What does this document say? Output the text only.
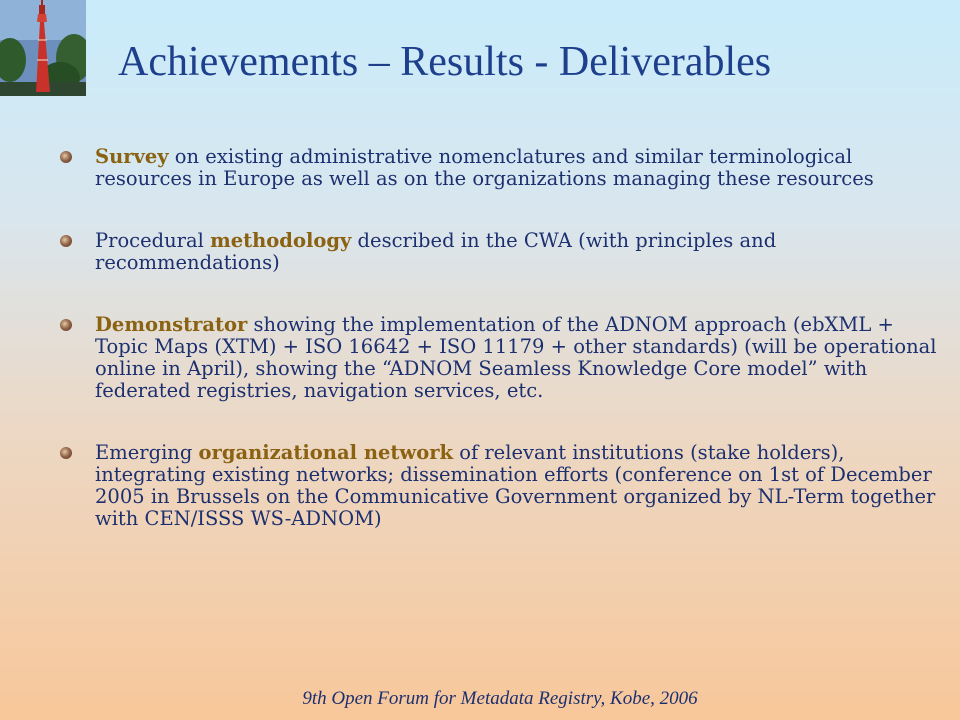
Achievements – Results - Deliverables
Survey on existing administrative nomenclatures and similar terminological resources in Europe as well as on the organizations managing these resources
Procedural methodology described in the CWA (with principles and recommendations)
Demonstrator showing the implementation of the ADNOM approach (ebXML + Topic Maps (XTM) + ISO 16642 + ISO 11179 + other standards) (will be operational online in April), showing the “ADNOM Seamless Knowledge Core model” with federated registries, navigation services, etc.
Emerging organizational network of relevant institutions (stake holders), integrating existing networks; dissemination efforts (conference on 1st of December 2005 in Brussels on the Communicative Government organized by NL-Term together with CEN/ISSS WS-ADNOM)
9th Open Forum for Metadata Registry, Kobe, 2006
